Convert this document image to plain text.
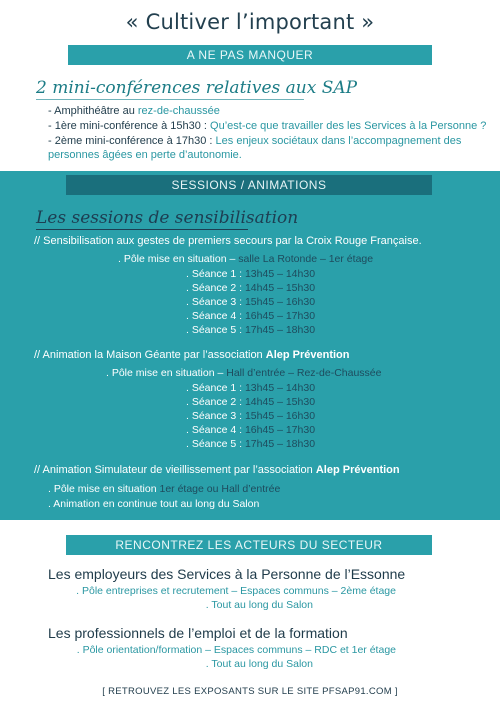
« Cultiver l’important »
A NE PAS MANQUER
2 mini-conférences relatives aux SAP
- Amphithéâtre au rez-de-chaussée
- 1ère mini-conférence à 15h30 : Qu’est-ce que travailler des les Services à la Personne ?
- 2ème mini-conférence à 17h30 : Les enjeux sociétaux dans l’accompagnement des
personnes âgées en perte d’autonomie.
SESSIONS / ANIMATIONS
Les sessions de sensibilisation
// Sensibilisation aux gestes de premiers secours par la Croix Rouge Française.
. Pôle mise en situation – salle La Rotonde – 1er étage
. Séance 1 : 13h45 – 14h30
. Séance 2 : 14h45 – 15h30
. Séance 3 : 15h45 – 16h30
. Séance 4 : 16h45 – 17h30
. Séance 5 : 17h45 – 18h30
// Animation la Maison Géante par l’association Alep Prévention
. Pôle mise en situation – Hall d’entrée – Rez-de-Chaussée
. Séance 1 : 13h45 – 14h30
. Séance 2 : 14h45 – 15h30
. Séance 3 : 15h45 – 16h30
. Séance 4 : 16h45 – 17h30
. Séance 5 : 17h45 – 18h30
// Animation Simulateur de vieillissement par l’association Alep Prévention
. Pôle mise en situation 1er étage ou Hall d’entrée
. Animation en continue tout au long du Salon
RENCONTREZ LES ACTEURS DU SECTEUR
Les employeurs des Services à la Personne de l’Essonne
. Pôle entreprises et recrutement – Espaces communs – 2ème étage
. Tout au long du Salon
Les professionnels de l’emploi et de la formation
. Pôle orientation/formation – Espaces communs – RDC et 1er étage
. Tout au long du Salon
[ RETROUVEZ LES EXPOSANTS SUR LE SITE PFSAP91.COM ]
